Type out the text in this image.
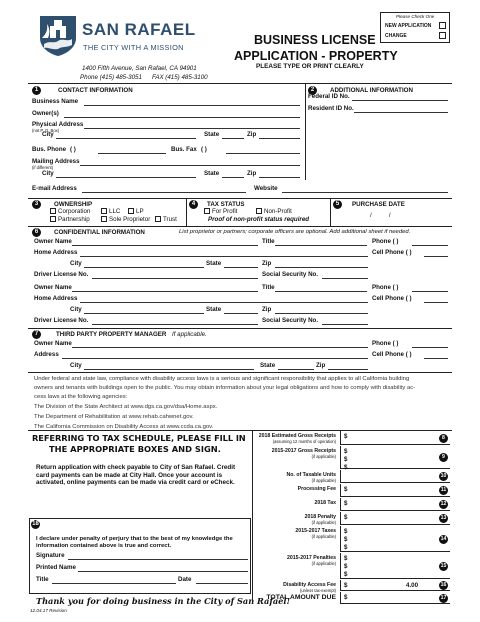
SAN RAFAEL
THE CITY WITH A MISSION
1400 Fifth Avenue, San Rafael, CA 94901
Phone (415) 485-3051 FAX (415) 485-3100
BUSINESS LICENSE
APPLICATION - PROPERTY
PLEASE TYPE OR PRINT CLEARLY
Please Check One
NEW APPLICATION
CHANGE
1	CONTACT INFORMATION
Business Name
Owner(s)
Physical Address
(not P. O. Box)
City	State	Zip
Bus. Phone ( )	Bus. Fax ( )
Mailing Address
(if different)
City	State	Zip
E-mail Address	Website
2	ADDITIONAL INFORMATION
Federal ID No.
Resident ID No.
3	OWNERSHIP
Corporation	LLC	LP
Partnership	Sole Proprietor	Trust
4	TAX STATUS
For Profit	Non-Profit
Proof of non-profit status required
5	PURCHASE DATE
/          /
6	CONFIDENTIAL INFORMATION	List proprietor or partners; corporate officers are optional. Add additional sheet if needed.
Owner Name	Title	Phone ( )
Home Address	Cell Phone ( )
City	State	Zip
Driver License No.	Social Security No.
Owner Name	Title	Phone ( )
Home Address	Cell Phone ( )
City	State	Zip
Driver License No.	Social Security No.
7	THIRD PARTY PROPERTY MANAGER If applicable.
Owner Name	Phone ( )
Address	Cell Phone ( )
City	State	Zip
Under federal and state law, compliance with disability access laws is a serious and significant responsibility that applies to all California building
owners and tenants with buildings open to the public. You may obtain information about your legal obligations and how to comply with disability ac-
cess laws at the following agencies:
The Division of the State Architect at www.dgs.ca.gov/dsa/Home.aspx.
The Department of Rehabilitation at www.rehab.cahwnet.gov.
The California Commission on Disability Access at www.ccda.ca.gov.
REFERRING TO TAX SCHEDULE, PLEASE FILL IN
THE APPROPRIATE BOXES AND SIGN.
Return application with check payable to City of San Rafael. Credit card payments can be made at City Hall. Once your account is activated, online payments can be made via credit card or eCheck.
18
I declare under penalty of perjury that to the best of my knowledge the information contained above is true and correct.
Signature
Printed Name
Title	Date
Thank you for doing business in the City of San Rafael!
12.04.17 Revision
2018 Estimated Gross Receipts
(assuming 12 months of operation)
$	8
2015-2017 Gross Receipts
(if applicable)
$
$
$
9
No. of Taxable Units
(if applicable)
10
Processing Fee $	11
2018 Tax $	12
2018 Penalty
(if applicable)
$	13
2015-2017 Taxes
(if applicable)
$
$
$
14
2015-2017 Penalties
(if applicable)
$
$
$
15
Disability Access Fee
(unless tax-exempt)
$	4.00	16
TOTAL AMOUNT DUE $	17
